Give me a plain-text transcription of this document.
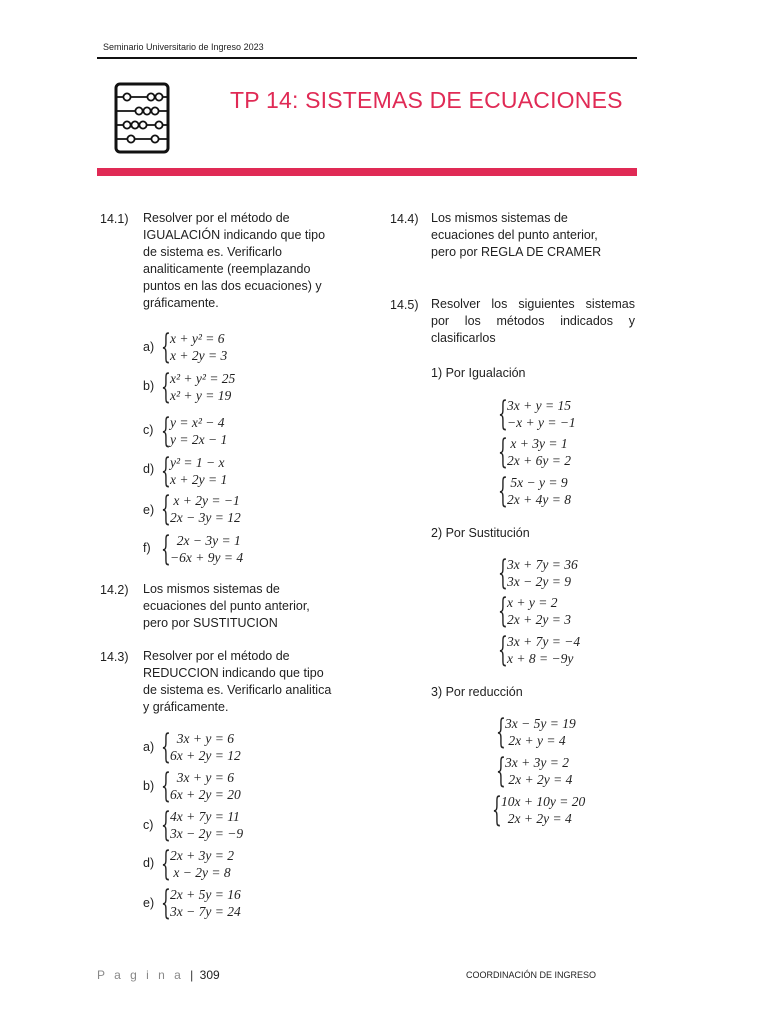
Seminario Universitario de Ingreso 2023
TP 14: SISTEMAS DE ECUACIONES
14.1) Resolver por el método de
IGUALACIÓN indicando que tipo
de sistema es. Verificarlo
analiticamente (reemplazando
puntos en las dos ecuaciones) y
gráficamente.
a) { x + y² = 6
x + 2y = 3
b) { x² + y² = 25
x² + y = 19
c) { y = x² − 4
y = 2x − 1
d) { y² = 1 − x
x + 2y = 1
e) { x + 2y = −1
2x − 3y = 12
f) { 2x − 3y = 1
−6x + 9y = 4
14.2) Los mismos sistemas de
ecuaciones del punto anterior,
pero por SUSTITUCION
14.3) Resolver por el método de
REDUCCION indicando que tipo
de sistema es. Verificarlo analitica
y gráficamente.
a) { 3x + y = 6
6x + 2y = 12
b) { 3x + y = 6
6x + 2y = 20
c) { 4x + 7y = 11
3x − 2y = −9
d) { 2x + 3y = 2
x − 2y = 8
e) { 2x + 5y = 16
3x − 7y = 24
14.4) Los mismos sistemas de
ecuaciones del punto anterior,
pero por REGLA DE CRAMER
14.5) Resolver los siguientes sistemas
por los métodos indicados y
clasificarlos
1) Por Igualación
{ 3x + y = 15
−x + y = −1
{ x + 3y = 1
2x + 6y = 2
{ 5x − y = 9
2x + 4y = 8
2) Por Sustitución
{ 3x + 7y = 36
3x − 2y = 9
{ x + y = 2
2x + 2y = 3
{ 3x + 7y = −4
x + 8 = −9y
3) Por reducción
{ 3x − 5y = 19
2x + y = 4
{ 3x + 3y = 2
2x + 2y = 4
{ 10x + 10y = 20
2x + 2y = 4
P a g i n a | 309	COORDINACIÓN DE INGRESO
